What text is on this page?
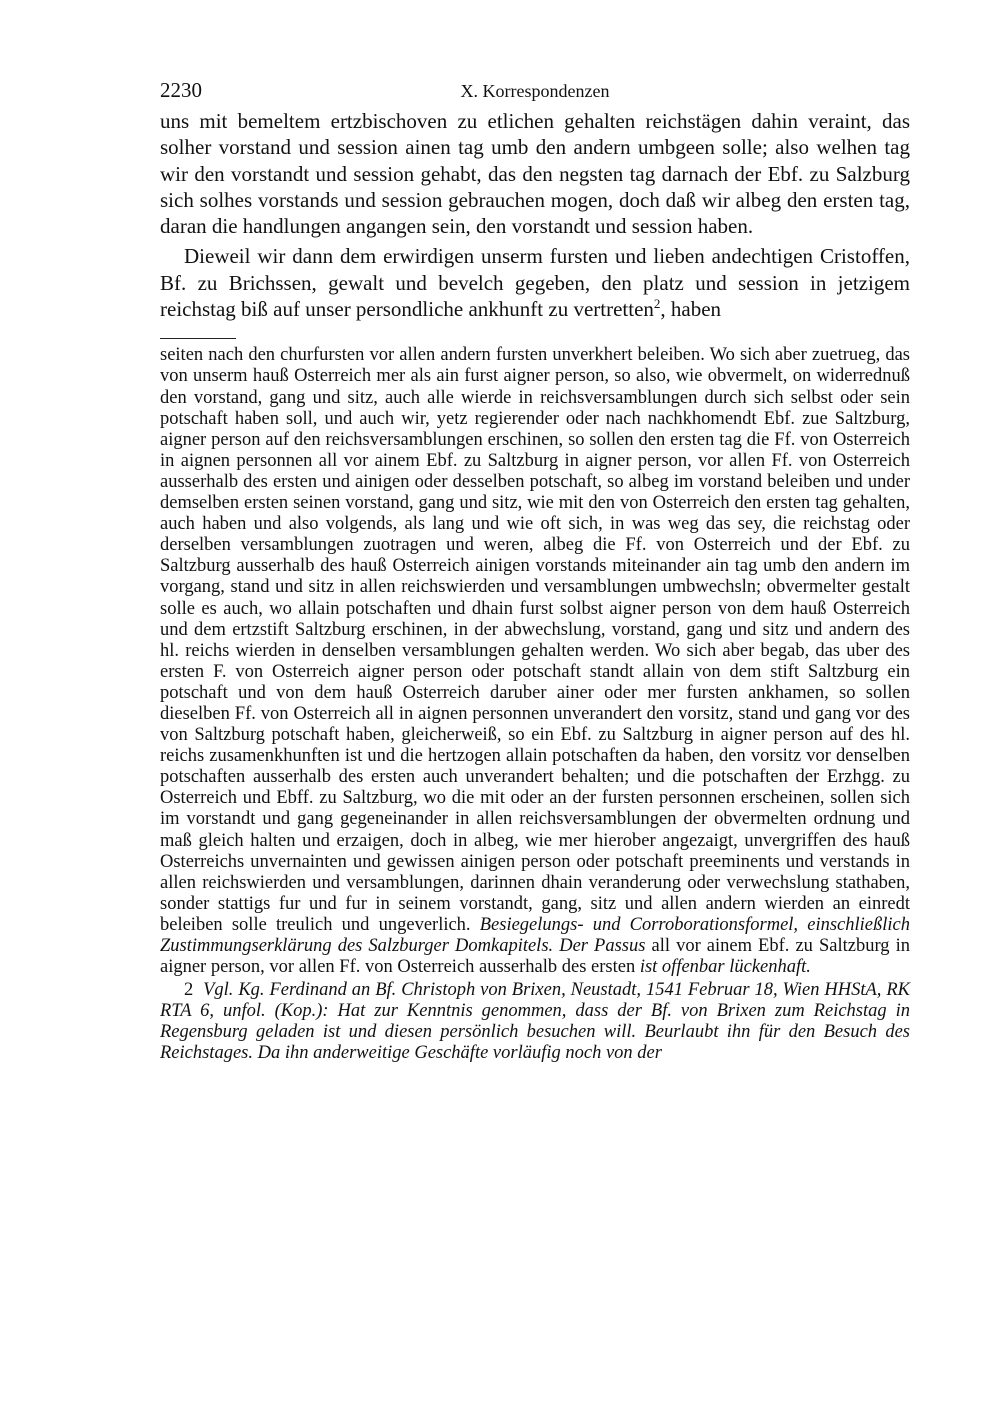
2230	X. Korrespondenzen

uns mit bemeltem ertzbischoven zu etlichen gehalten reichstägen dahin veraint, das solher vorstand und session ainen tag umb den andern umbgeen solle; also welhen tag wir den vorstandt und session gehabt, das den negsten tag darnach der Ebf. zu Salzburg sich solhes vorstands und session gebrauchen mogen, doch daß wir albeg den ersten tag, daran die handlungen angangen sein, den vorstandt und session haben.

Dieweil wir dann dem erwirdigen unserm fursten und lieben andechtigen Cristoffen, Bf. zu Brichssen, gewalt und bevelch gegeben, den platz und session in jetzigem reichstag biß auf unser persondliche ankhunft zu vertretten$^2$, haben

seiten nach den churfursten vor allen andern fursten unverkhert beleiben. Wo sich aber zuetrueg, das von unserm hauß Osterreich mer als ain furst aigner person, so also, wie obvermelt, on widerrednuß den vorstand, gang und sitz, auch alle wierde in reichsversamblungen durch sich selbst oder sein potschaft haben soll, und auch wir, yetz regierender oder nach nachkhomendt Ebf. zue Saltzburg, aigner person auf den reichsversamblungen erschinen, so sollen den ersten tag die Ff. von Osterreich in aignen personnen all vor ainem Ebf. zu Saltzburg in aigner person, vor allen Ff. von Osterreich ausserhalb des ersten und ainigen oder desselben potschaft, so albeg im vorstand beleiben und under demselben ersten seinen vorstand, gang und sitz, wie mit den von Osterreich den ersten tag gehalten, auch haben und also volgends, als lang und wie oft sich, in was weg das sey, die reichstag oder derselben versamblungen zuotragen und weren, albeg die Ff. von Osterreich und der Ebf. zu Saltzburg ausserhalb des hauß Osterreich ainigen vorstands miteinander ain tag umb den andern im vorgang, stand und sitz in allen reichswierden und versamblungen umbwechsln; obvermelter gestalt solle es auch, wo allain potschaften und dhain furst solbst aigner person von dem hauß Osterreich und dem ertzstift Saltzburg erschinen, in der abwechslung, vorstand, gang und sitz und andern des hl. reichs wierden in denselben versamblungen gehalten werden. Wo sich aber begab, das uber des ersten F. von Osterreich aigner person oder potschaft standt allain von dem stift Saltzburg ein potschaft und von dem hauß Osterreich daruber ainer oder mer fursten ankhamen, so sollen dieselben Ff. von Osterreich all in aignen personnen unverandert den vorsitz, stand und gang vor des von Saltzburg potschaft haben, gleicherweiß, so ein Ebf. zu Saltzburg in aigner person auf des hl. reichs zusamenkhunften ist und die hertzogen allain potschaften da haben, den vorsitz vor denselben potschaften ausserhalb des ersten auch unverandert behalten; und die potschaften der Erzhgg. zu Osterreich und Ebff. zu Saltzburg, wo die mit oder an der fursten personnen erscheinen, sollen sich im vorstandt und gang gegeneinander in allen reichsversamblungen der obvermelten ordnung und maß gleich halten und erzaigen, doch in albeg, wie mer hierober angezaigt, unvergriffen des hauß Osterreichs unvernainten und gewissen ainigen person oder potschaft preeminents und verstands in allen reichswierden und versamblungen, darinnen dhain veranderung oder verwechslung stathaben, sonder stattigs fur und fur in seinem vorstandt, gang, sitz und allen andern wierden an einredt beleiben solle treulich und ungeverlich. Besiegelungs- und Corroborationsformel, einschließlich Zustimmungserklärung des Salzburger Domkapitels. Der Passus all vor ainem Ebf. zu Saltzburg in aigner person, vor allen Ff. von Osterreich ausserhalb des ersten ist offenbar lückenhaft.

2 Vgl. Kg. Ferdinand an Bf. Christoph von Brixen, Neustadt, 1541 Februar 18, Wien HHStA, RK RTA 6, unfol. (Kop.): Hat zur Kenntnis genommen, dass der Bf. von Brixen zum Reichstag in Regensburg geladen ist und diesen persönlich besuchen will. Beurlaubt ihn für den Besuch des Reichstages. Da ihn anderweitige Geschäfte vorläufig noch von der
